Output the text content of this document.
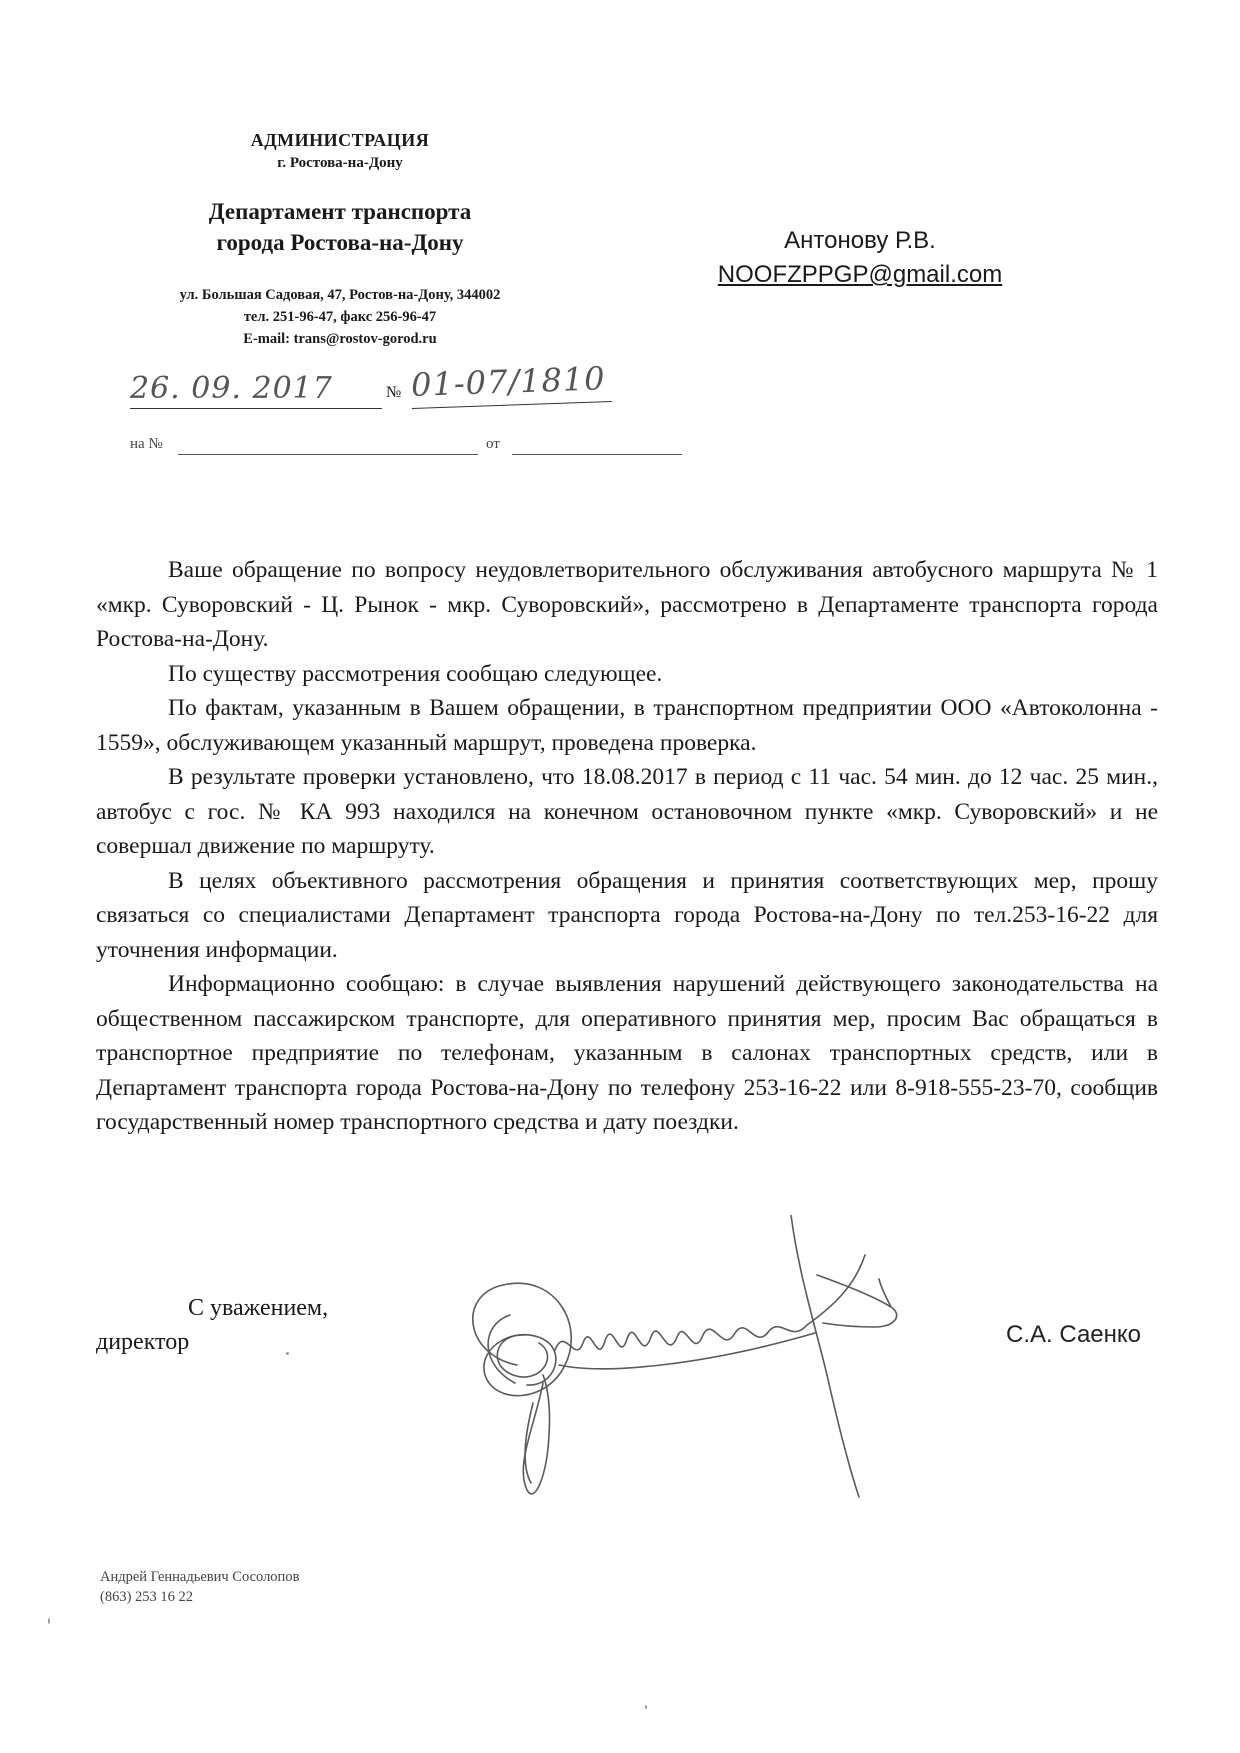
АДМИНИСТРАЦИЯ
г. Ростова-на-Дону
Департамент транспорта
города Ростова-на-Дону
ул. Большая Садовая, 47, Ростов-на-Дону, 344002
тел. 251-96-47, факс 256-96-47
E-mail: trans@rostov-gorod.ru
26. 09. 2017	№ 01-07/1810
на №	от
Антонову Р.В.
NOOFZPPGP@gmail.com

Ваше обращение по вопросу неудовлетворительного обслуживания автобусного маршрута № 1 «мкр. Суворовский - Ц. Рынок - мкр. Суворовский», рассмотрено в Департаменте транспорта города Ростова-на-Дону.

По существу рассмотрения сообщаю следующее.

По фактам, указанным в Вашем обращении, в транспортном предприятии ООО «Автоколонна - 1559», обслуживающем указанный маршрут, проведена проверка.

В результате проверки установлено, что 18.08.2017 в период с 11 час. 54 мин. до 12 час. 25 мин., автобус с гос. № КА 993 находился на конечном остановочном пункте «мкр. Суворовский» и не совершал движение по маршруту.

В целях объективного рассмотрения обращения и принятия соответствующих мер, прошу связаться со специалистами Департамент транспорта города Ростова-на-Дону по тел.253-16-22 для уточнения информации.

Информационно сообщаю: в случае выявления нарушений действующего законодательства на общественном пассажирском транспорте, для оперативного принятия мер, просим Вас обращаться в транспортное предприятие по телефонам, указанным в салонах транспортных средств, или в Департамент транспорта города Ростова-на-Дону по телефону 253-16-22 или 8-918-555-23-70, сообщив государственный номер транспортного средства и дату поездки.

С уважением,
директор	С.А. Саенко
Андрей Геннадьевич Сосолопов
(863) 253 16 22
